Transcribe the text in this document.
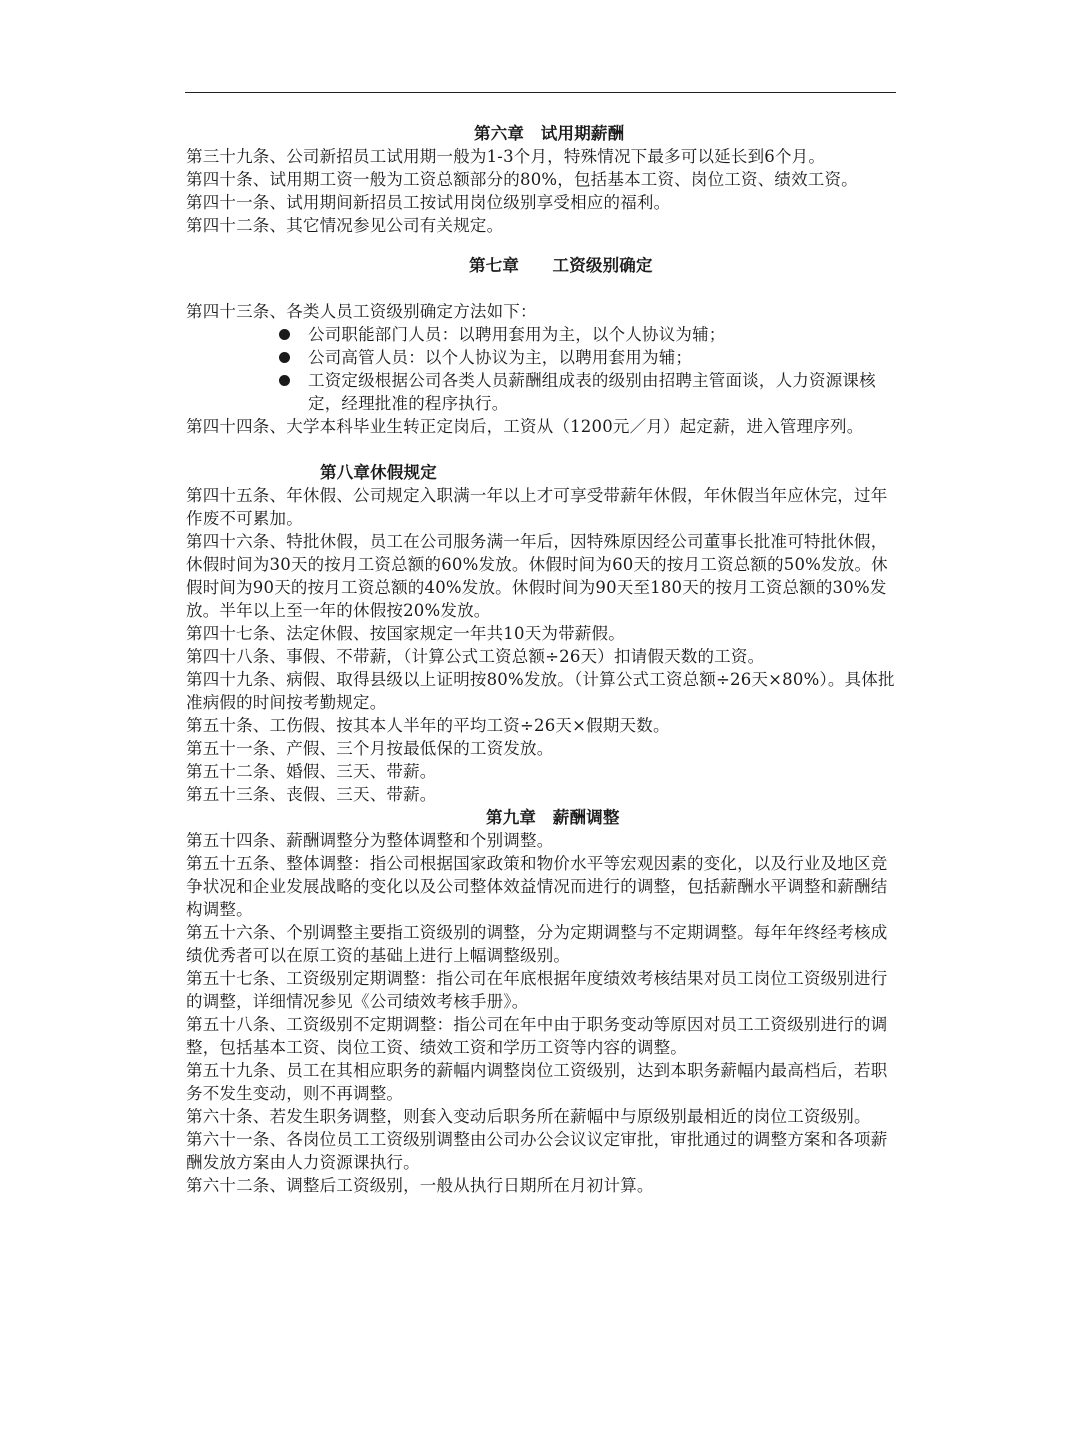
第六章　试用期薪酬

第三十九条、公司新招员工试用期一般为1-3个月，特殊情况下最多可以延长到6个月。

第四十条、试用期工资一般为工资总额部分的80%，包括基本工资、岗位工资、绩效工资。

第四十一条、试用期间新招员工按试用岗位级别享受相应的福利。

第四十二条、其它情况参见公司有关规定。

第七章　　工资级别确定

第四十三条、各类人员工资级别确定方法如下：

公司职能部门人员：以聘用套用为主，以个人协议为辅；
公司高管人员：以个人协议为主，以聘用套用为辅；
工资定级根据公司各类人员薪酬组成表的级别由招聘主管面谈，人力资源课核定，经理批准的程序执行。

第四十四条、大学本科毕业生转正定岗后，工资从（1200元／月）起定薪，进入管理序列。

第八章休假规定

第四十五条、年休假、公司规定入职满一年以上才可享受带薪年休假，年休假当年应休完，过年作废不可累加。

第四十六条、特批休假，员工在公司服务满一年后，因特殊原因经公司董事长批准可特批休假，休假时间为30天的按月工资总额的60%发放。休假时间为60天的按月工资总额的50%发放。休假时间为90天的按月工资总额的40%发放。休假时间为90天至180天的按月工资总额的30%发放。半年以上至一年的休假按20%发放。

第四十七条、法定休假、按国家规定一年共10天为带薪假。

第四十八条、事假、不带薪，（计算公式工资总额÷26天）扣请假天数的工资。

第四十九条、病假、取得县级以上证明按80%发放。（计算公式工资总额÷26天×80%）。具体批准病假的时间按考勤规定。

第五十条、工伤假、按其本人半年的平均工资÷26天×假期天数。

第五十一条、产假、三个月按最低保的工资发放。

第五十二条、婚假、三天、带薪。

第五十三条、丧假、三天、带薪。

第九章　薪酬调整

第五十四条、薪酬调整分为整体调整和个别调整。

第五十五条、整体调整：指公司根据国家政策和物价水平等宏观因素的变化，以及行业及地区竞争状况和企业发展战略的变化以及公司整体效益情况而进行的调整，包括薪酬水平调整和薪酬结构调整。

第五十六条、个别调整主要指工资级别的调整，分为定期调整与不定期调整。每年年终经考核成绩优秀者可以在原工资的基础上进行上幅调整级别。

第五十七条、工资级别定期调整：指公司在年底根据年度绩效考核结果对员工岗位工资级别进行的调整，详细情况参见《公司绩效考核手册》。

第五十八条、工资级别不定期调整：指公司在年中由于职务变动等原因对员工工资级别进行的调整，包括基本工资、岗位工资、绩效工资和学历工资等内容的调整。

第五十九条、员工在其相应职务的薪幅内调整岗位工资级别，达到本职务薪幅内最高档后，若职务不发生变动，则不再调整。

第六十条、若发生职务调整，则套入变动后职务所在薪幅中与原级别最相近的岗位工资级别。

第六十一条、各岗位员工工资级别调整由公司办公会议议定审批，审批通过的调整方案和各项薪酬发放方案由人力资源课执行。

第六十二条、调整后工资级别，一般从执行日期所在月初计算。
